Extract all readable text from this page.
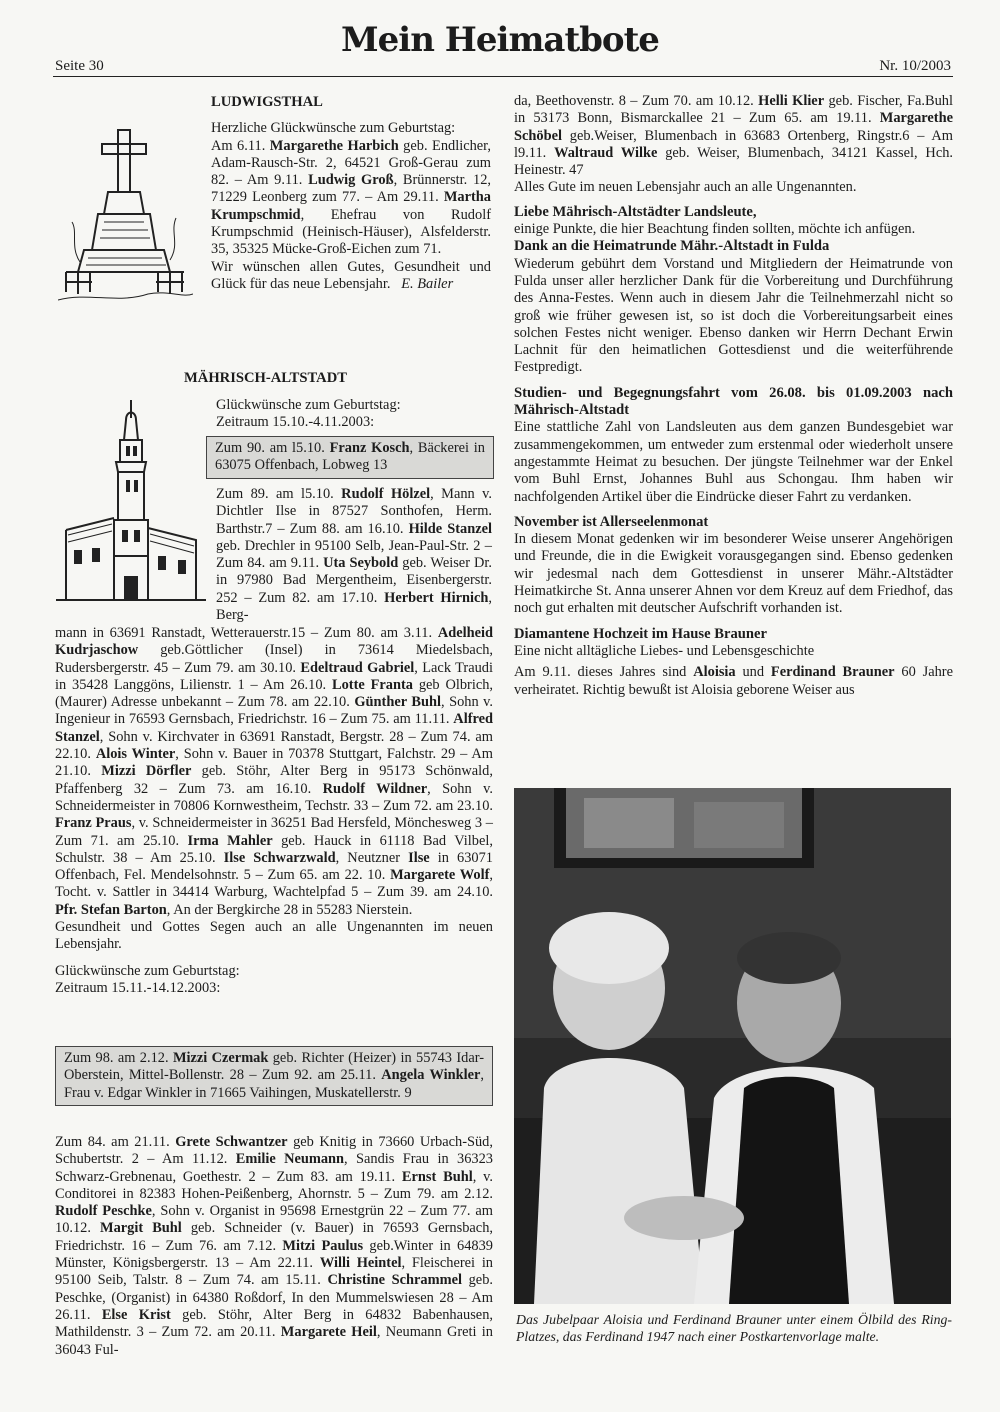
Seite 30
Mein Heimatbote
Nr. 10/2003

LUDWIGSTHAL

Herzliche Glückwünsche zum Geburtstag:

Am 6.11. Margarethe Harbich geb. Endlicher, Adam-Rausch-Str. 2, 64521 Groß-Gerau zum 82. – Am 9.11. Ludwig Groß, Brünnerstr. 12, 71229 Leonberg zum 77. – Am 29.11. Martha Krumpschmid, Ehefrau von Rudolf Krumpschmid (Heinisch-Häuser), Alsfelderstr. 35, 35325 Mücke-Groß-Eichen zum 71.

Wir wünschen allen Gutes, Gesundheit und Glück für das neue Lebensjahr. E. Bailer

MÄHRISCH-ALTSTADT

Glückwünsche zum Geburtstag:

Zeitraum 15.10.-4.11.2003:

Zum 90. am l5.10. Franz Kosch, Bäckerei in 63075 Offenbach, Lobweg 13

Zum 89. am l5.10. Rudolf Hölzel, Mann v. Dichtler Ilse in 87527 Sonthofen, Herm. Barthstr.7 – Zum 88. am 16.10. Hilde Stanzel geb. Drechler in 95100 Selb, Jean-Paul-Str. 2 – Zum 84. am 9.11. Uta Seybold geb. Weiser Dr. in 97980 Bad Mergentheim, Eisenbergerstr. 252 – Zum 82. am 17.10. Herbert Hirnich, Berg-

mann in 63691 Ranstadt, Wetterauerstr.15 – Zum 80. am 3.11. Adelheid Kudrjaschow geb.Göttlicher (Insel) in 73614 Miedelsbach, Rudersbergerstr. 45 – Zum 79. am 30.10. Edeltraud Gabriel, Lack Traudi in 35428 Langgöns, Lilienstr. 1 – Am 26.10. Lotte Franta geb Olbrich, (Maurer) Adresse unbekannt – Zum 78. am 22.10. Günther Buhl, Sohn v. Ingenieur in 76593 Gernsbach, Friedrichstr. 16 – Zum 75. am 11.11. Alfred Stanzel, Sohn v. Kirchvater in 63691 Ranstadt, Bergstr. 28 – Zum 74. am 22.10. Alois Winter, Sohn v. Bauer in 70378 Stuttgart, Falchstr. 29 – Am 21.10. Mizzi Dörfler geb. Stöhr, Alter Berg in 95173 Schönwald, Pfaffenberg 32 – Zum 73. am 16.10. Rudolf Wildner, Sohn v. Schneidermeister in 70806 Kornwestheim, Techstr. 33 – Zum 72. am 23.10. Franz Praus, v. Schneidermeister in 36251 Bad Hersfeld, Mönchesweg 3 – Zum 71. am 25.10. Irma Mahler geb. Hauck in 61118 Bad Vilbel, Schulstr. 38 – Am 25.10. Ilse Schwarzwald, Neutzner Ilse in 63071 Offenbach, Fel. Mendelsohnstr. 5 – Zum 65. am 22. 10. Margarete Wolf, Tocht. v. Sattler in 34414 Warburg, Wachtelpfad 5 – Zum 39. am 24.10. Pfr. Stefan Barton, An der Bergkirche 28 in 55283 Nierstein.

Gesundheit und Gottes Segen auch an alle Ungenannten im neuen Lebensjahr.

Glückwünsche zum Geburtstag:

Zeitraum 15.11.-14.12.2003:

Zum 98. am 2.12. Mizzi Czermak geb. Richter (Heizer) in 55743 Idar-Oberstein, Mittel-Bollenstr. 28 – Zum 92. am 25.11. Angela Winkler, Frau v. Edgar Winkler in 71665 Vaihingen, Muskatellerstr. 9

Zum 84. am 21.11. Grete Schwantzer geb Knitig in 73660 Urbach-Süd, Schubertstr. 2 – Am 11.12. Emilie Neumann, Sandis Frau in 36323 Schwarz-Grebnenau, Goethestr. 2 – Zum 83. am 19.11. Ernst Buhl, v. Conditorei in 82383 Hohen-Peißenberg, Ahornstr. 5 – Zum 79. am 2.12. Rudolf Peschke, Sohn v. Organist in 95698 Ernestgrün 22 – Zum 77. am 10.12. Margit Buhl geb. Schneider (v. Bauer) in 76593 Gernsbach, Friedrichstr. 16 – Zum 76. am 7.12. Mitzi Paulus geb.Winter in 64839 Münster, Königsbergerstr. 13 – Am 22.11. Willi Heintel, Fleischerei in 95100 Seib, Talstr. 8 – Zum 74. am 15.11. Christine Schrammel geb. Peschke, (Organist) in 64380 Roßdorf, In den Mummelswiesen 28 – Am 26.11. Else Krist geb. Stöhr, Alter Berg in 64832 Babenhausen, Mathildenstr. 3 – Zum 72. am 20.11. Margarete Heil, Neumann Greti in 36043 Ful-

da, Beethovenstr. 8 – Zum 70. am 10.12. Helli Klier geb. Fischer, Fa.Buhl in 53173 Bonn, Bismarckallee 21 – Zum 65. am 19.11. Margarethe Schöbel geb.Weiser, Blumenbach in 63683 Ortenberg, Ringstr.6 – Am l9.11. Waltraud Wilke geb. Weiser, Blumenbach, 34121 Kassel, Hch. Heinestr. 47

Alles Gute im neuen Lebensjahr auch an alle Ungenannten.

Liebe Mährisch-Altstädter Landsleute,

einige Punkte, die hier Beachtung finden sollten, möchte ich anfügen.

Dank an die Heimatrunde Mähr.-Altstadt in Fulda

Wiederum gebührt dem Vorstand und Mitgliedern der Heimatrunde von Fulda unser aller herzlicher Dank für die Vorbereitung und Durchführung des Anna-Festes. Wenn auch in diesem Jahr die Teilnehmerzahl nicht so groß wie früher gewesen ist, so ist doch die Vorbereitungsarbeit eines solchen Festes nicht weniger. Ebenso danken wir Herrn Dechant Erwin Lachnit für den heimatlichen Gottesdienst und die weiterführende Festpredigt.

Studien- und Begegnungsfahrt vom 26.08. bis 01.09.2003 nach Mährisch-Altstadt

Eine stattliche Zahl von Landsleuten aus dem ganzen Bundesgebiet war zusammengekommen, um entweder zum erstenmal oder wiederholt unsere angestammte Heimat zu besuchen. Der jüngste Teilnehmer war der Enkel vom Buhl Ernst, Johannes Buhl aus Schongau. Ihm haben wir nachfolgenden Artikel über die Eindrücke dieser Fahrt zu verdanken.

November ist Allerseelenmonat

In diesem Monat gedenken wir im besonderer Weise unserer Angehörigen und Freunde, die in die Ewigkeit vorausgegangen sind. Ebenso gedenken wir jedesmal nach dem Gottesdienst in unserer Mähr.-Altstädter Heimatkirche St. Anna unserer Ahnen vor dem Kreuz auf dem Friedhof, das noch gut erhalten mit deutscher Aufschrift vorhanden ist.

Diamantene Hochzeit im Hause Brauner

Eine nicht alltägliche Liebes- und Lebensgeschichte

Am 9.11. dieses Jahres sind Aloisia und Ferdinand Brauner 60 Jahre verheiratet. Richtig bewußt ist Aloisia geborene Weiser aus

Das Jubelpaar Aloisia und Ferdinand Brauner unter einem Ölbild des Ring-Platzes, das Ferdinand 1947 nach einer Postkartenvorlage malte.
